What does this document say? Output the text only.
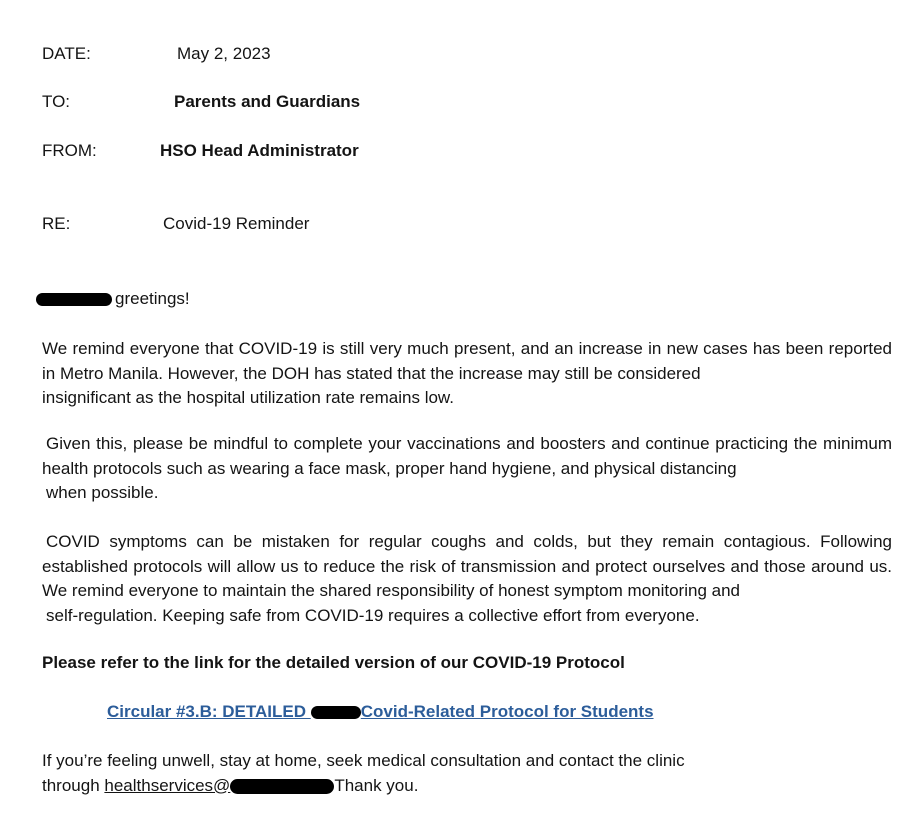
DATE:	May 2, 2023
TO:	Parents and Guardians
FROM:	HSO Head Administrator
RE:	Covid-19 Reminder
greetings!
We remind everyone that COVID-19 is still very much present, and an increase in new cases has been reported in Metro Manila. However, the DOH has stated that the increase may still be considered
insignificant as the hospital utilization rate remains low.
Given this, please be mindful to complete your vaccinations and boosters and continue practicing the minimum health protocols such as wearing a face mask, proper hand hygiene, and physical distancing
when possible.
COVID symptoms can be mistaken for regular coughs and colds, but they remain contagious. Following established protocols will allow us to reduce the risk of transmission and protect ourselves and those around us. We remind everyone to maintain the shared responsibility of honest symptom monitoring and
self-regulation. Keeping safe from COVID-19 requires a collective effort from everyone.
Please refer to the link for the detailed version of our COVID-19 Protocol
Circular #3.B: DETAILED	Covid-Related Protocol for Students
If you’re feeling unwell, stay at home, seek medical consultation and contact the clinic
through healthservices@	Thank you.
